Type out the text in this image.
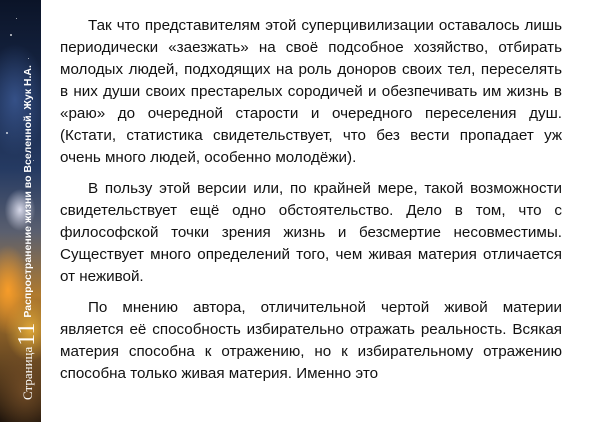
Страница
11
Распространение жизни во Вселенной. Жук Н.А.

Так что представителям этой суперцивилизации оставалось лишь периодически «заезжать» на своё подсобное хозяйство, отбирать молодых людей, подходящих на роль доноров своих тел, переселять в них души своих престарелых сородичей и обезпечивать им жизнь в «раю» до очередной старости и очередного переселения душ. (Кстати, статистика свидетельствует, что без вести пропадает уж очень много людей, особенно молодёжи).

В пользу этой версии или, по крайней мере, такой возможности свидетельствует ещё одно обстоятельство. Дело в том, что с философской точки зрения жизнь и безсмертие несовместимы. Существует много определений того, чем живая материя отличается от неживой.

По мнению автора, отличительной чертой живой материи является её способность избирательно отражать реальность. Всякая материя способна к отражению, но к избирательному отражению способна только живая материя. Именно это
